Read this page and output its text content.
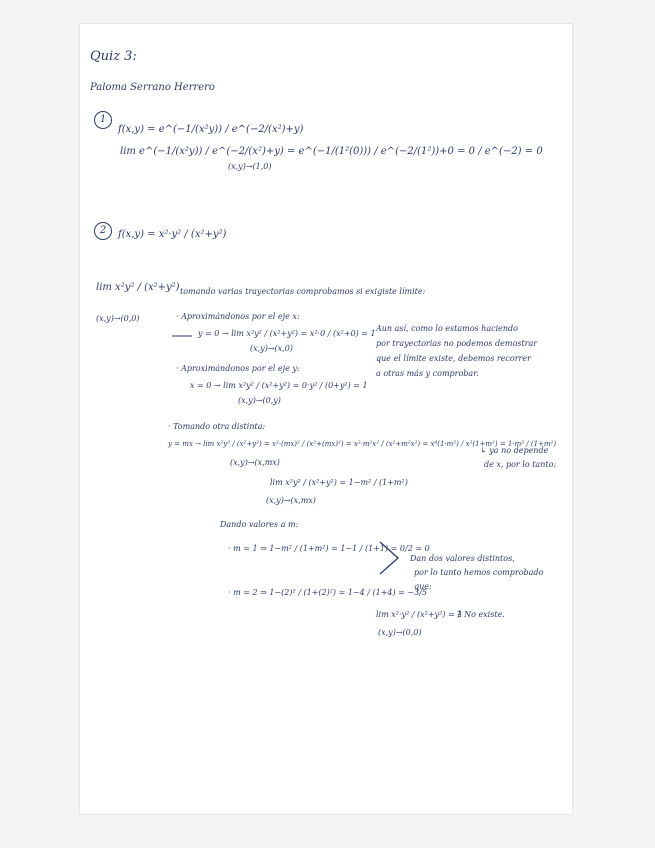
Quiz 3:

Paloma Serrano Herrero

1

f(x,y) = e^(−1/(x²y)) / e^(−2/(x²)+y)

lim e^(−1/(x²y)) / e^(−2/(x²)+y) = e^(−1/(1²(0))) / e^(−2/(1²))+0 = 0 / e^(−2) = 0

(x,y)→(1,0)

2	f(x,y) = x²·y² / (x²+y²)

lim x²y² / (x²+y²)

(x,y)→(0,0)

tomando varias trayectorias comprobamos si exigiste límite:

· Aproximándonos por el eje x:

y = 0 → lim x²y² / (x²+y²) = x²·0 / (x²+0) = 1

(x,y)→(x,0)

· Aproximándonos por el eje y:

x = 0 → lim x²y² / (x²+y²) = 0·y² / (0+y²) = 1

(x,y)→(0,y)

Aun así, como lo estamos haciendo

por trayectorias no podemos demostrar

que el límite existe, debemos recorrer

a otras más y comprobar.

· Tomando otra distinta:

y = mx → lim x²y² / (x²+y²) = x²·(mx)² / (x²+(mx)²) = x²·m²x² / (x²+m²x²) = x⁴(1·m²) / x²(1+m²) = 1·m² / (1+m²)

(x,y)→(x,mx)

↳ ya no depende

de x, por lo tanto:

lim x²y² / (x²+y²) = 1−m² / (1+m²)

(x,y)→(x,mx)

Dando valores a m:

· m = 1 ⇒ 1−m² / (1+m²) = 1−1 / (1+1) = 0/2 = 0

· m = 2 ⇒ 1−(2)² / (1+(2)²) = 1−4 / (1+4) = −3/5

Dan dos valores distintos,

por lo tanto hemos comprobado

que:

lim x²·y² / (x²+y²) = ∄ No existe.

(x,y)→(0,0)
